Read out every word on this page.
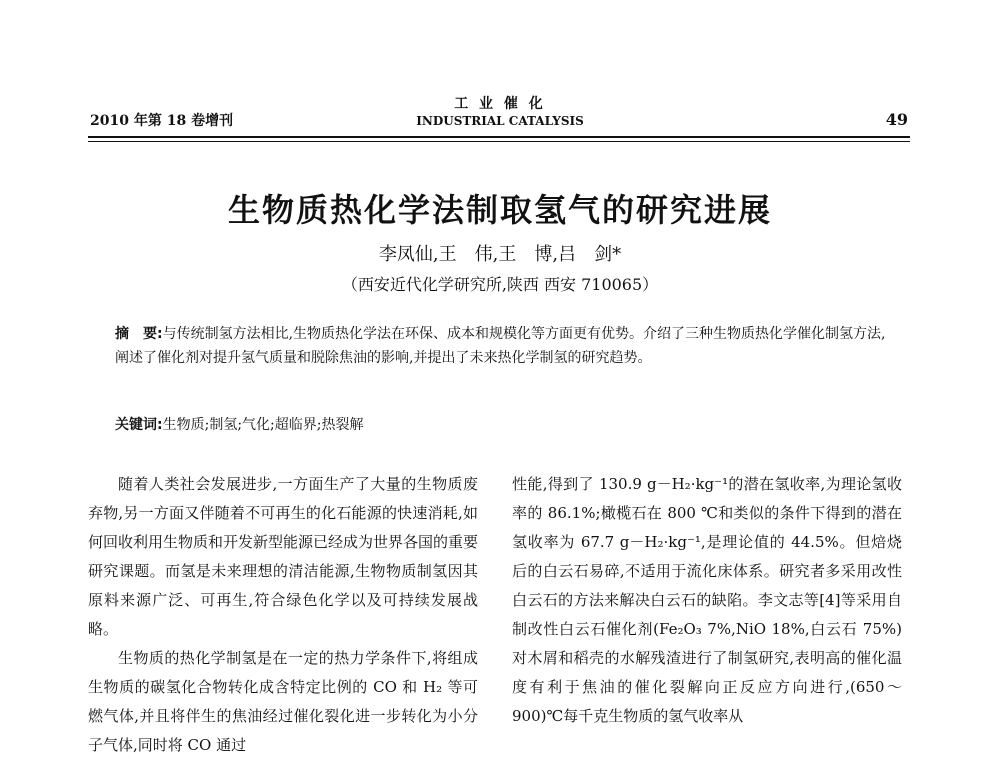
2010 年第 18 卷增刊
工 业 催 化
INDUSTRIAL CATALYSIS	49
生物质热化学法制取氢气的研究进展
李凤仙,王　伟,王　博,吕　剑*
（西安近代化学研究所,陕西 西安 710065）
摘　要:与传统制氢方法相比,生物质热化学法在环保、成本和规模化等方面更有优势。介绍了三种生物质热化学催化制氢方法,阐述了催化剂对提升氢气质量和脱除焦油的影响,并提出了未来热化学制氢的研究趋势。
关键词:生物质;制氢;气化;超临界;热裂解

随着人类社会发展进步,一方面生产了大量的生物质废弃物,另一方面又伴随着不可再生的化石能源的快速消耗,如何回收利用生物质和开发新型能源已经成为世界各国的重要研究课题。而氢是未来理想的清洁能源,生物物质制氢因其原料来源广泛、可再生,符合绿色化学以及可持续发展战略。

生物质的热化学制氢是在一定的热力学条件下,将组成生物质的碳氢化合物转化成含特定比例的 CO 和 H₂ 等可燃气体,并且将伴生的焦油经过催化裂化进一步转化为小分子气体,同时将 CO 通过

性能,得到了 130.9 g－H₂·kg⁻¹的潜在氢收率,为理论氢收率的 86.1%;橄榄石在 800 ℃和类似的条件下得到的潜在氢收率为 67.7 g－H₂·kg⁻¹,是理论值的 44.5%。但焙烧后的白云石易碎,不适用于流化床体系。研究者多采用改性白云石的方法来解决白云石的缺陷。李文志等[4]等采用自制改性白云石催化剂(Fe₂O₃ 7%,NiO 18%,白云石 75%)对木屑和稻壳的水解残渣进行了制氢研究,表明高的催化温度有利于焦油的催化裂解向正反应方向进行,(650～900)℃每千克生物质的氢气收率从
